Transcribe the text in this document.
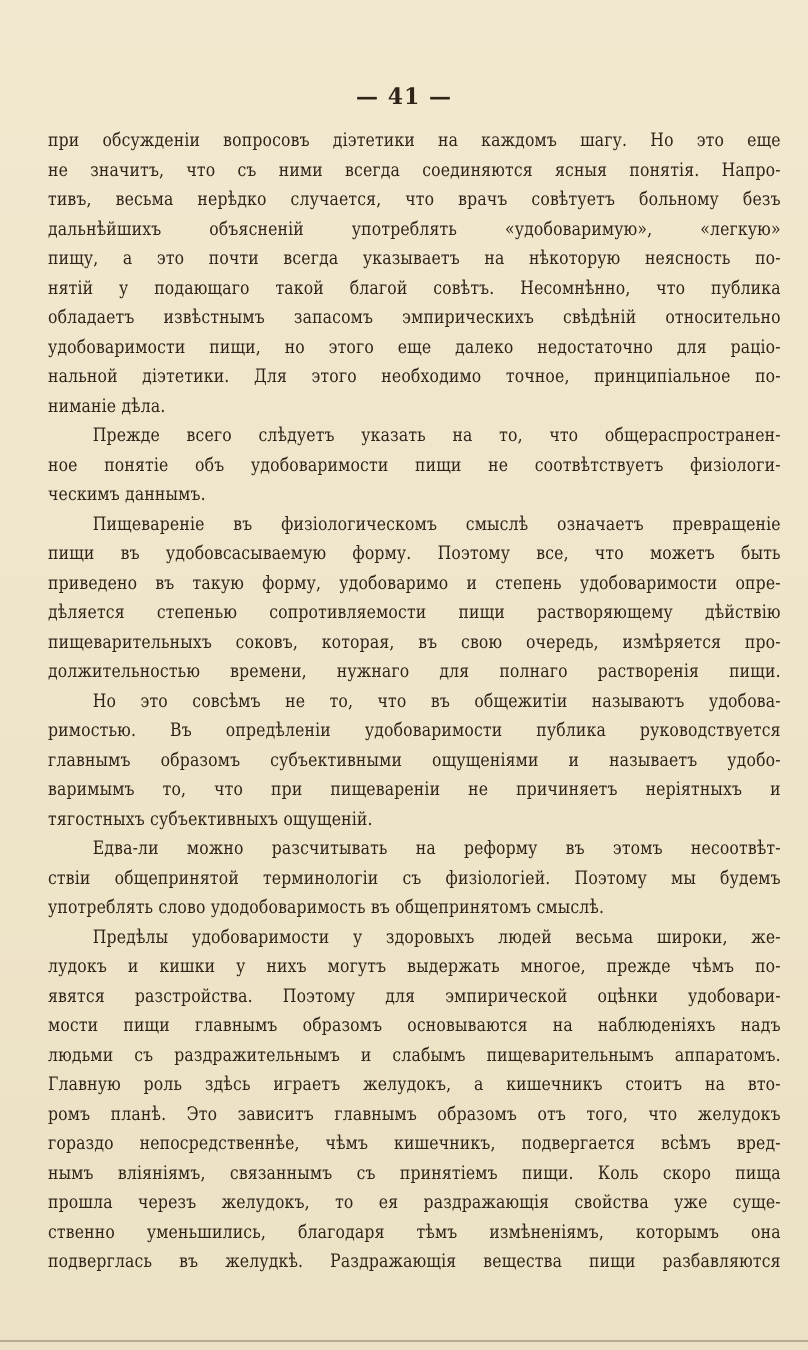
— 41 —
при обсужденіи вопросовъ діэтетики на каждомъ шагу. Но это еще
не значитъ, что съ ними всегда соединяются ясныя понятія. Напро-
тивъ, весьма нерѣдко случается, что врачъ совѣтуетъ больному безъ
дальнѣйшихъ объясненій употреблять «удобоваримую», «легкую»
пищу, а это почти всегда указываетъ на нѣкоторую неясность по-
нятій у подающаго такой благой совѣтъ. Несомнѣнно, что публика
обладаетъ извѣстнымъ запасомъ эмпирическихъ свѣдѣній относительно
удобоваримости пищи, но этого еще далеко недостаточно для раціо-
нальной діэтетики. Для этого необходимо точное, принципіальное по-
ниманіе дѣла.
Прежде всего слѣдуетъ указать на то, что общераспространен-
ное понятіе объ удобоваримости пищи не соотвѣтствуетъ физіологи-
ческимъ даннымъ.
Пищевареніе въ физіологическомъ смыслѣ означаетъ превращеніе
пищи въ удобовсасываемую форму. Поэтому все, что можетъ быть
приведено въ такую форму, удобоваримо и степень удобоваримости опре-
дѣляется степенью сопротивляемости пищи растворяющему дѣйствію
пищеварительныхъ соковъ, которая, въ свою очередь, измѣряется про-
должительностью времени, нужнаго для полнаго растворенія пищи.
Но это совсѣмъ не то, что въ общежитіи называютъ удобова-
римостью. Въ опредѣленіи удобоваримости публика руководствуется
главнымъ образомъ субъективными ощущеніями и называетъ удобо-
варимымъ то, что при пищевареніи не причиняетъ неріятныхъ и
тягостныхъ субъективныхъ ощущеній.
Едва-ли можно разсчитывать на реформу въ этомъ несоотвѣт-
ствіи общепринятой терминологіи съ физіологіей. Поэтому мы будемъ
употреблять слово удодобоваримость въ общепринятомъ смыслѣ.
Предѣлы удобоваримости у здоровыхъ людей весьма широки, же-
лудокъ и кишки у нихъ могутъ выдержать многое, прежде чѣмъ по-
явятся разстройства. Поэтому для эмпирической оцѣнки удобовари-
мости пищи главнымъ образомъ основываются на наблюденіяхъ надъ
людьми съ раздражительнымъ и слабымъ пищеварительнымъ аппаратомъ.
Главную роль здѣсь играетъ желудокъ, а кишечникъ стоитъ на вто-
ромъ планѣ. Это зависитъ главнымъ образомъ отъ того, что желудокъ
гораздо непосредственнѣе, чѣмъ кишечникъ, подвергается всѣмъ вред-
нымъ вліяніямъ, связаннымъ съ принятіемъ пищи. Коль скоро пища
прошла черезъ желудокъ, то ея раздражающія свойства уже суще-
ственно уменьшились, благодаря тѣмъ измѣненіямъ, которымъ она
подверглась въ желудкѣ. Раздражающія вещества пищи разбавляются
